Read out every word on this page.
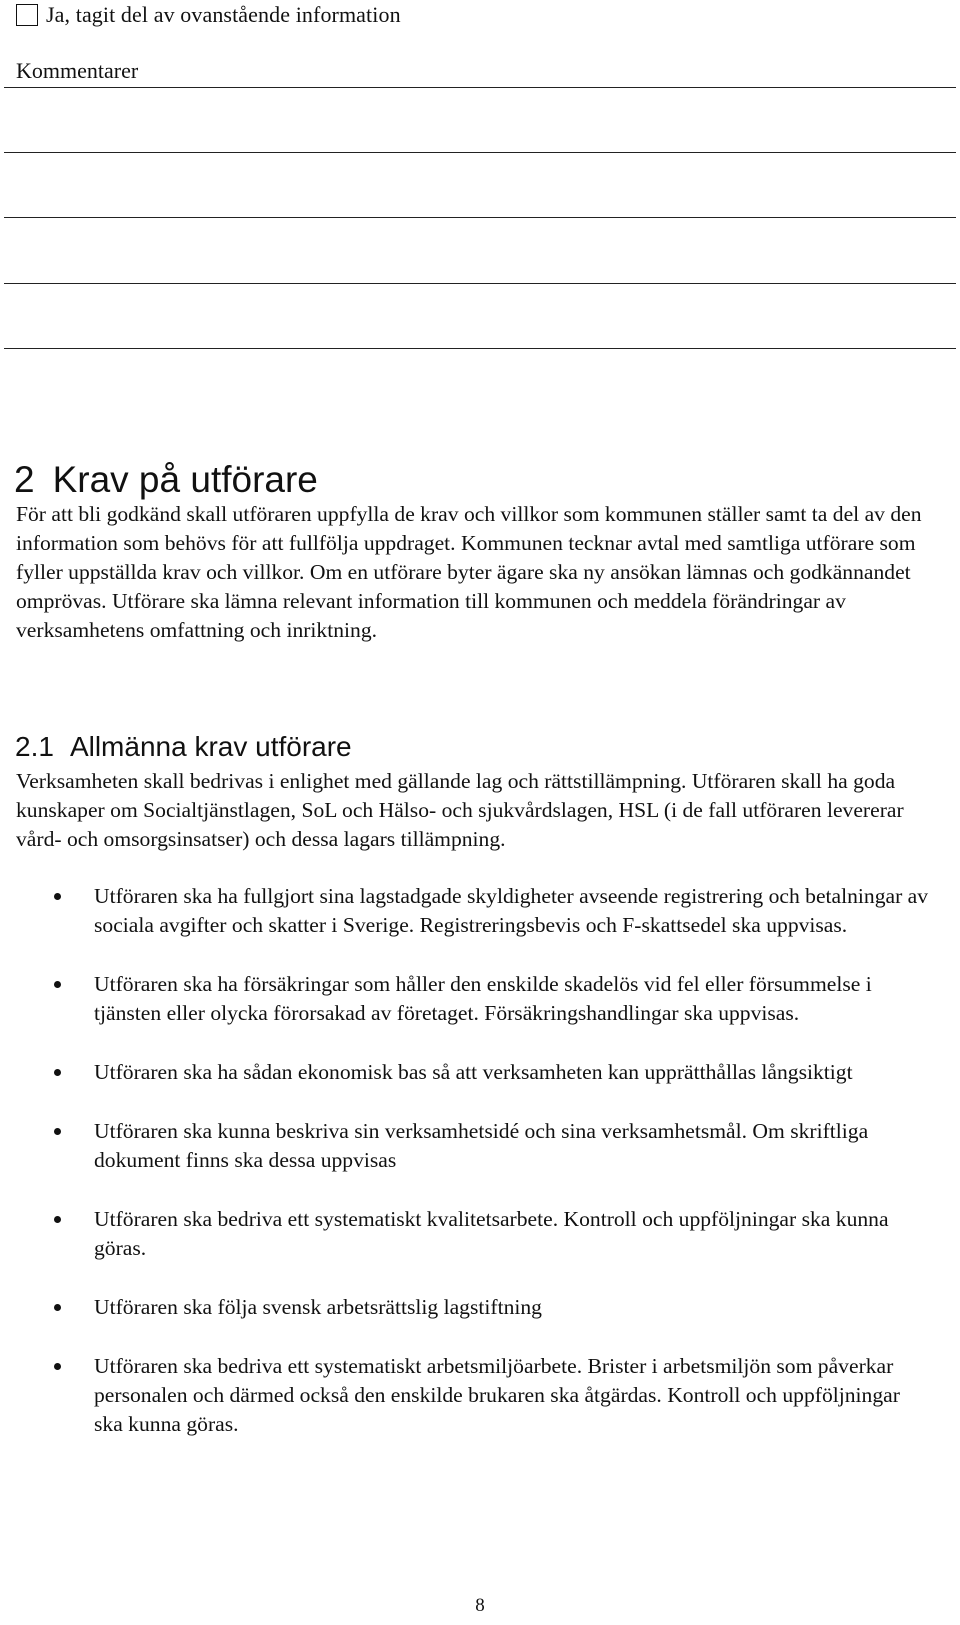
Ja, tagit del av ovanstående information
Kommentarer
2 Krav på utförare

För att bli godkänd skall utföraren uppfylla de krav och villkor som kommunen ställer samt ta del av den information som behövs för att fullfölja uppdraget. Kommunen tecknar avtal med samtliga utförare som fyller uppställda krav och villkor. Om en utförare byter ägare ska ny ansökan lämnas och godkännandet omprövas. Utförare ska lämna relevant information till kommunen och meddela förändringar av verksamhetens omfattning och inriktning.

2.1 Allmänna krav utförare

Verksamheten skall bedrivas i enlighet med gällande lag och rättstillämpning. Utföraren skall ha goda kunskaper om Socialtjänstlagen, SoL och Hälso- och sjukvårdslagen, HSL (i de fall utföraren levererar vård- och omsorgsinsatser) och dessa lagars tillämpning.

Utföraren ska ha fullgjort sina lagstadgade skyldigheter avseende registrering och betalningar av sociala avgifter och skatter i Sverige. Registreringsbevis och F-skattsedel ska uppvisas.
Utföraren ska ha försäkringar som håller den enskilde skadelös vid fel eller försummelse i tjänsten eller olycka förorsakad av företaget. Försäkringshandlingar ska uppvisas.
Utföraren ska ha sådan ekonomisk bas så att verksamheten kan upprätthållas långsiktigt
Utföraren ska kunna beskriva sin verksamhetsidé och sina verksamhetsmål. Om skriftliga dokument finns ska dessa uppvisas
Utföraren ska bedriva ett systematiskt kvalitetsarbete. Kontroll och uppföljningar ska kunna göras.
Utföraren ska följa svensk arbetsrättslig lagstiftning
Utföraren ska bedriva ett systematiskt arbetsmiljöarbete. Brister i arbetsmiljön som påverkar personalen och därmed också den enskilde brukaren ska åtgärdas. Kontroll och uppföljningar ska kunna göras.
8
